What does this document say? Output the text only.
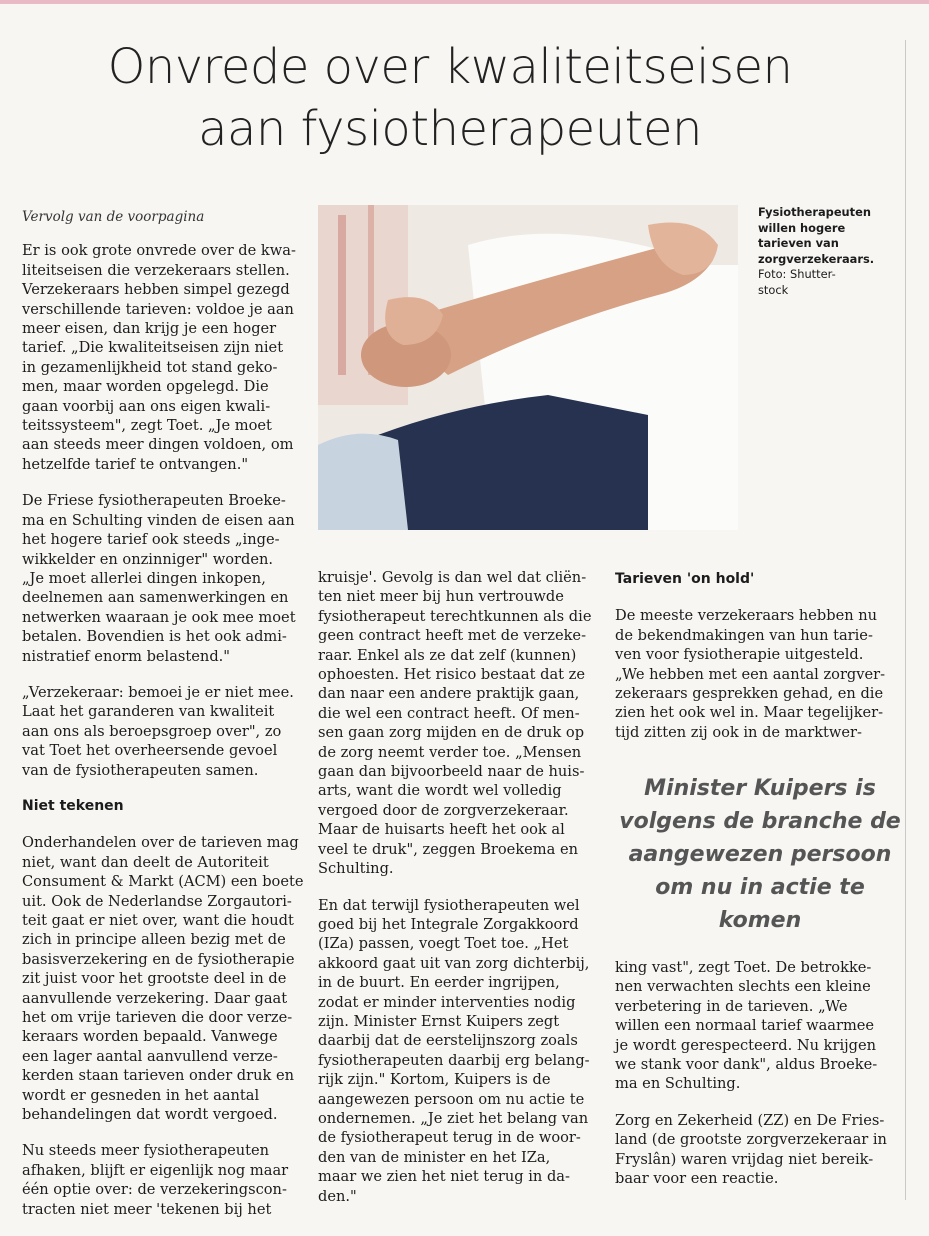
Onvrede over kwaliteitseisen
aan fysiotherapeuten

Vervolg van de voorpagina

Er is ook grote onvrede over de kwa-
liteitseisen die verzekeraars stellen.
Verzekeraars hebben simpel gezegd
verschillende tarieven: voldoe je aan
meer eisen, dan krijg je een hoger
tarief. „Die kwaliteitseisen zijn niet
in gezamenlijkheid tot stand geko-
men, maar worden opgelegd. Die
gaan voorbij aan ons eigen kwali-
teitssysteem", zegt Toet. „Je moet
aan steeds meer dingen voldoen, om
hetzelfde tarief te ontvangen."

De Friese fysiotherapeuten Broeke-
ma en Schulting vinden de eisen aan
het hogere tarief ook steeds „inge-
wikkelder en onzinniger" worden.
„Je moet allerlei dingen inkopen,
deelnemen aan samenwerkingen en
netwerken waaraan je ook mee moet
betalen. Bovendien is het ook admi-
nistratief enorm belastend."

„Verzekeraar: bemoei je er niet mee.
Laat het garanderen van kwaliteit
aan ons als beroepsgroep over", zo
vat Toet het overheersende gevoel
van de fysiotherapeuten samen.

Niet tekenen

Onderhandelen over de tarieven mag
niet, want dan deelt de Autoriteit
Consument & Markt (ACM) een boete
uit. Ook de Nederlandse Zorgautori-
teit gaat er niet over, want die houdt
zich in principe alleen bezig met de
basisverzekering en de fysiotherapie
zit juist voor het grootste deel in de
aanvullende verzekering. Daar gaat
het om vrije tarieven die door verze-
keraars worden bepaald. Vanwege
een lager aantal aanvullend verze-
kerden staan tarieven onder druk en
wordt er gesneden in het aantal
behandelingen dat wordt vergoed.

Nu steeds meer fysiotherapeuten
afhaken, blijft er eigenlijk nog maar
één optie over: de verzekeringscon-
tracten niet meer 'tekenen bij het

Fysiotherapeuten
willen hogere
tarieven van
zorgverzekeraars.
Foto: Shutter-
stock

kruisje'. Gevolg is dan wel dat cliën-
ten niet meer bij hun vertrouwde
fysiotherapeut terechtkunnen als die
geen contract heeft met de verzeke-
raar. Enkel als ze dat zelf (kunnen)
ophoesten. Het risico bestaat dat ze
dan naar een andere praktijk gaan,
die wel een contract heeft. Of men-
sen gaan zorg mijden en de druk op
de zorg neemt verder toe. „Mensen
gaan dan bijvoorbeeld naar de huis-
arts, want die wordt wel volledig
vergoed door de zorgverzekeraar.
Maar de huisarts heeft het ook al
veel te druk", zeggen Broekema en
Schulting.

En dat terwijl fysiotherapeuten wel
goed bij het Integrale Zorgakkoord
(IZa) passen, voegt Toet toe. „Het
akkoord gaat uit van zorg dichterbij,
in de buurt. En eerder ingrijpen,
zodat er minder interventies nodig
zijn. Minister Ernst Kuipers zegt
daarbij dat de eerstelijnszorg zoals
fysiotherapeuten daarbij erg belang-
rijk zijn." Kortom, Kuipers is de
aangewezen persoon om nu actie te
ondernemen. „Je ziet het belang van
de fysiotherapeut terug in de woor-
den van de minister en het IZa,
maar we zien het niet terug in da-
den."

Tarieven 'on hold'

De meeste verzekeraars hebben nu
de bekendmakingen van hun tarie-
ven voor fysiotherapie uitgesteld.
„We hebben met een aantal zorgver-
zekeraars gesprekken gehad, en die
zien het ook wel in. Maar tegelijker-
tijd zitten zij ook in de marktwer-

Minister Kuipers is
volgens de branche de
aangewezen persoon
om nu in actie te
komen

king vast", zegt Toet. De betrokke-
nen verwachten slechts een kleine
verbetering in de tarieven. „We
willen een normaal tarief waarmee
je wordt gerespecteerd. Nu krijgen
we stank voor dank", aldus Broeke-
ma en Schulting.

Zorg en Zekerheid (ZZ) en De Fries-
land (de grootste zorgverzekeraar in
Fryslân) waren vrijdag niet bereik-
baar voor een reactie.
